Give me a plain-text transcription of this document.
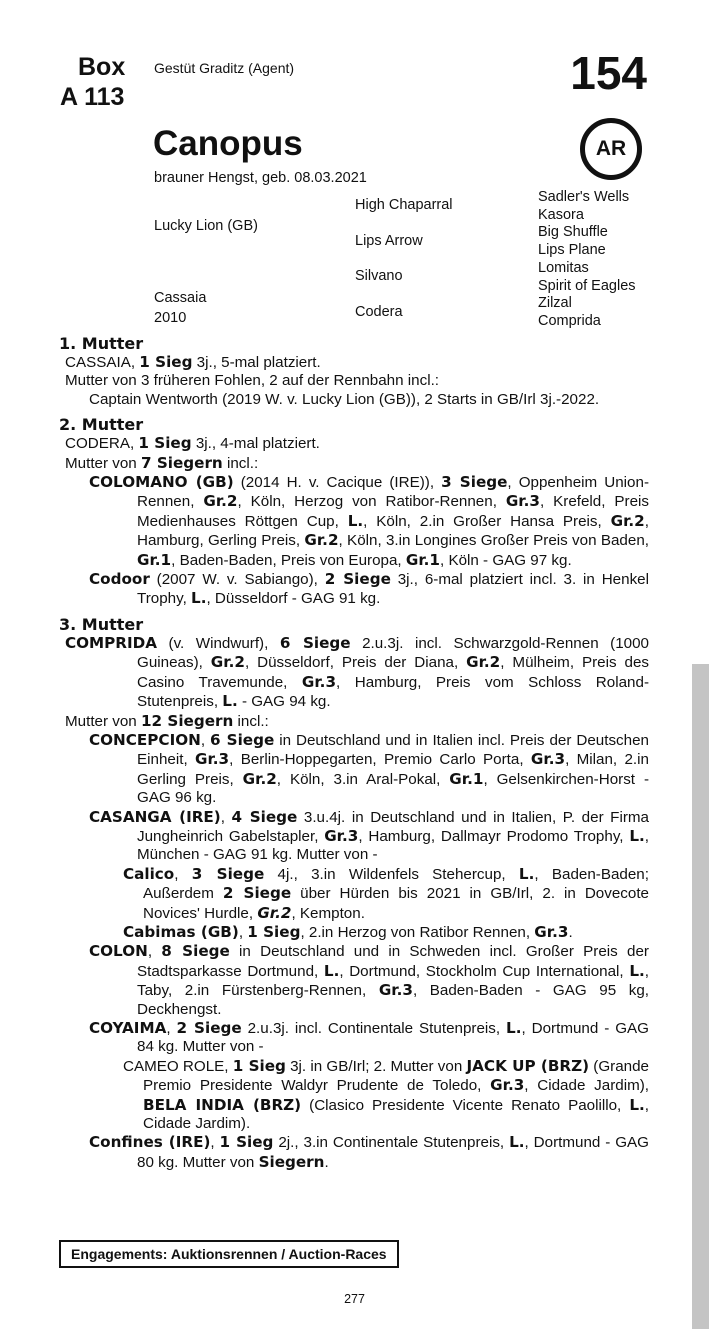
Box
A 113
Gestüt Graditz (Agent)	154
Canopus	AR
brauner Hengst, geb. 08.03.2021
Lucky Lion (GB)
Cassaia
2010
High Chaparral
Lips Arrow
Silvano
Codera
Sadler's Wells
Kasora
Big Shuffle
Lips Plane
Lomitas
Spirit of Eagles
Zilzal
Comprida
1. Mutter

CASSAIA, 1 Sieg 3j., 5-mal platziert.

Mutter von 3 früheren Fohlen, 2 auf der Rennbahn incl.:

Captain Wentworth (2019 W. v. Lucky Lion (GB)), 2 Starts in GB/Irl 3j.-2022.

2. Mutter

CODERA, 1 Sieg 3j., 4-mal platziert.

Mutter von 7 Siegern incl.:

COLOMANO (GB) (2014 H. v. Cacique (IRE)), 3 Siege, Oppenheim Union-Rennen, Gr.2, Köln, Herzog von Ratibor-Rennen, Gr.3, Krefeld, Preis Medienhauses Röttgen Cup, L., Köln, 2.in Großer Hansa Preis, Gr.2, Hamburg, Gerling Preis, Gr.2, Köln, 3.in Longines Großer Preis von Baden, Gr.1, Baden-Baden, Preis von Europa, Gr.1, Köln - GAG 97 kg.

Codoor (2007 W. v. Sabiango), 2 Siege 3j., 6-mal platziert incl. 3. in Henkel Trophy, L., Düsseldorf - GAG 91 kg.

3. Mutter

COMPRIDA (v. Windwurf), 6 Siege 2.u.3j. incl. Schwarzgold-Rennen (1000 Guineas), Gr.2, Düsseldorf, Preis der Diana, Gr.2, Mülheim, Preis des Casino Travemunde, Gr.3, Hamburg, Preis vom Schloss Roland-Stutenpreis, L. - GAG 94 kg.

Mutter von 12 Siegern incl.:

CONCEPCION, 6 Siege in Deutschland und in Italien incl. Preis der Deutschen Einheit, Gr.3, Berlin-Hoppegarten, Premio Carlo Porta, Gr.3, Milan, 2.in Gerling Preis, Gr.2, Köln, 3.in Aral-Pokal, Gr.1, Gelsenkirchen-Horst - GAG 96 kg.

CASANGA (IRE), 4 Siege 3.u.4j. in Deutschland und in Italien, P. der Firma Jungheinrich Gabelstapler, Gr.3, Hamburg, Dallmayr Prodomo Trophy, L., München - GAG 91 kg. Mutter von -

Calico, 3 Siege 4j., 3.in Wildenfels Stehercup, L., Baden-Baden; Außerdem 2 Siege über Hürden bis 2021 in GB/Irl, 2. in Dovecote Novices' Hurdle, Gr.2, Kempton.

Cabimas (GB), 1 Sieg, 2.in Herzog von Ratibor Rennen, Gr.3.

COLON, 8 Siege in Deutschland und in Schweden incl. Großer Preis der Stadtsparkasse Dortmund, L., Dortmund, Stockholm Cup International, L., Taby, 2.in Fürstenberg-Rennen, Gr.3, Baden-Baden - GAG 95 kg, Deckhengst.

COYAIMA, 2 Siege 2.u.3j. incl. Continentale Stutenpreis, L., Dortmund - GAG 84 kg. Mutter von -

CAMEO ROLE, 1 Sieg 3j. in GB/Irl; 2. Mutter von JACK UP (BRZ) (Grande Premio Presidente Waldyr Prudente de Toledo, Gr.3, Cidade Jardim), BELA INDIA (BRZ) (Clasico Presidente Vicente Renato Paolillo, L., Cidade Jardim).

Confines (IRE), 1 Sieg 2j., 3.in Continentale Stutenpreis, L., Dortmund - GAG 80 kg. Mutter von Siegern.

Engagements: Auktionsrennen / Auction-Races
277
